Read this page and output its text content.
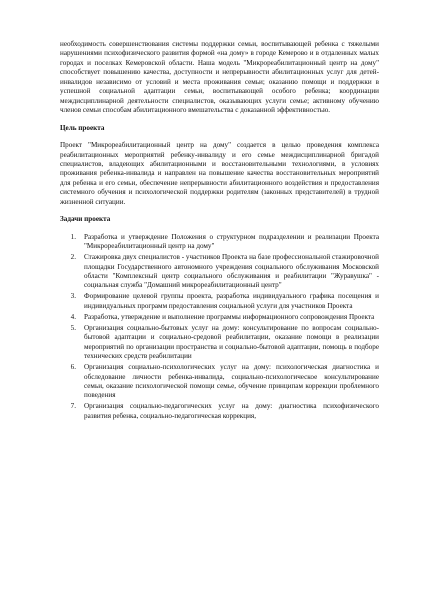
необходимость совершенствования системы поддержки семьи, воспитывающей ребенка с тяжелыми нарушениями психофизического развития формой «на дому» в городе Кемерово и в отдаленных малых городах и поселках Кемеровской области. Наша модель "Микрореабилитационный центр на дому" способствует повышению качества, доступности и непрерывности абилитационных услуг для детей-инвалидов независимо от условий и места проживания семьи; оказанию помощи и поддержки в успешной социальной адаптации семьи, воспитывающей особого ребенка; координации междисциплинарной деятельности специалистов, оказывающих услуги семье; активному обучению членов семьи способам абилитационного вмешательства с доказанной эффективностью.

Цель проекта

Проект "Микрореабилитационный центр на дому" создается в целью проведения комплекса реабилитационных мероприятий ребенку-инвалиду и его семье междисциплинарной бригадой специалистов, владеющих абилитационными и восстановительными технологиями, в условиях проживания ребенка-инвалида и направлен на повышение качества восстановительных мероприятий для ребенка и его семьи, обеспечение непрерывности абилитационного воздействия и предоставления системного обучения и психологической поддержки родителям (законных представителей) в трудной жизненной ситуации.

Задачи проекта
1.	Разработка и утверждение Положения о структурном подразделении и реализации Проекта "Микрореабилитационный центр на дому"
2.	Стажировка двух специалистов - участников Проекта на базе профессиональной стажировочной площадки Государственного автономного учреждения социального обслуживания Московской области "Комплексный центр социального обслуживания и реабилитации "Журавушка" - социальная служба "Домашний микрореабилитационный центр"
3.	Формирование целевой группы проекта, разработка индивидуального графика посещения и индивидуальных программ предоставления социальной услуги для участников Проекта
4.	Разработка, утверждение и выполнение программы информационного сопровождения Проекта
5.	Организация социально-бытовых услуг на дому: консультирование по вопросам социально-бытовой адаптации и социально-средовой реабилитации, оказание помощи в реализации мероприятий по организации пространства и социально-бытовой адаптации, помощь в подборе технических средств реабилитации
6.	Организация социально-психологических услуг на дому: психологическая диагностика и обследование личности ребенка-инвалида, социально-психологическое консультирование семьи, оказание психологической помощи семье, обучение принципам коррекции проблемного поведения
7.	Организация социально-педагогических услуг на дому: диагностика психофизического развития ребенка, социально-педагогическая коррекция,
